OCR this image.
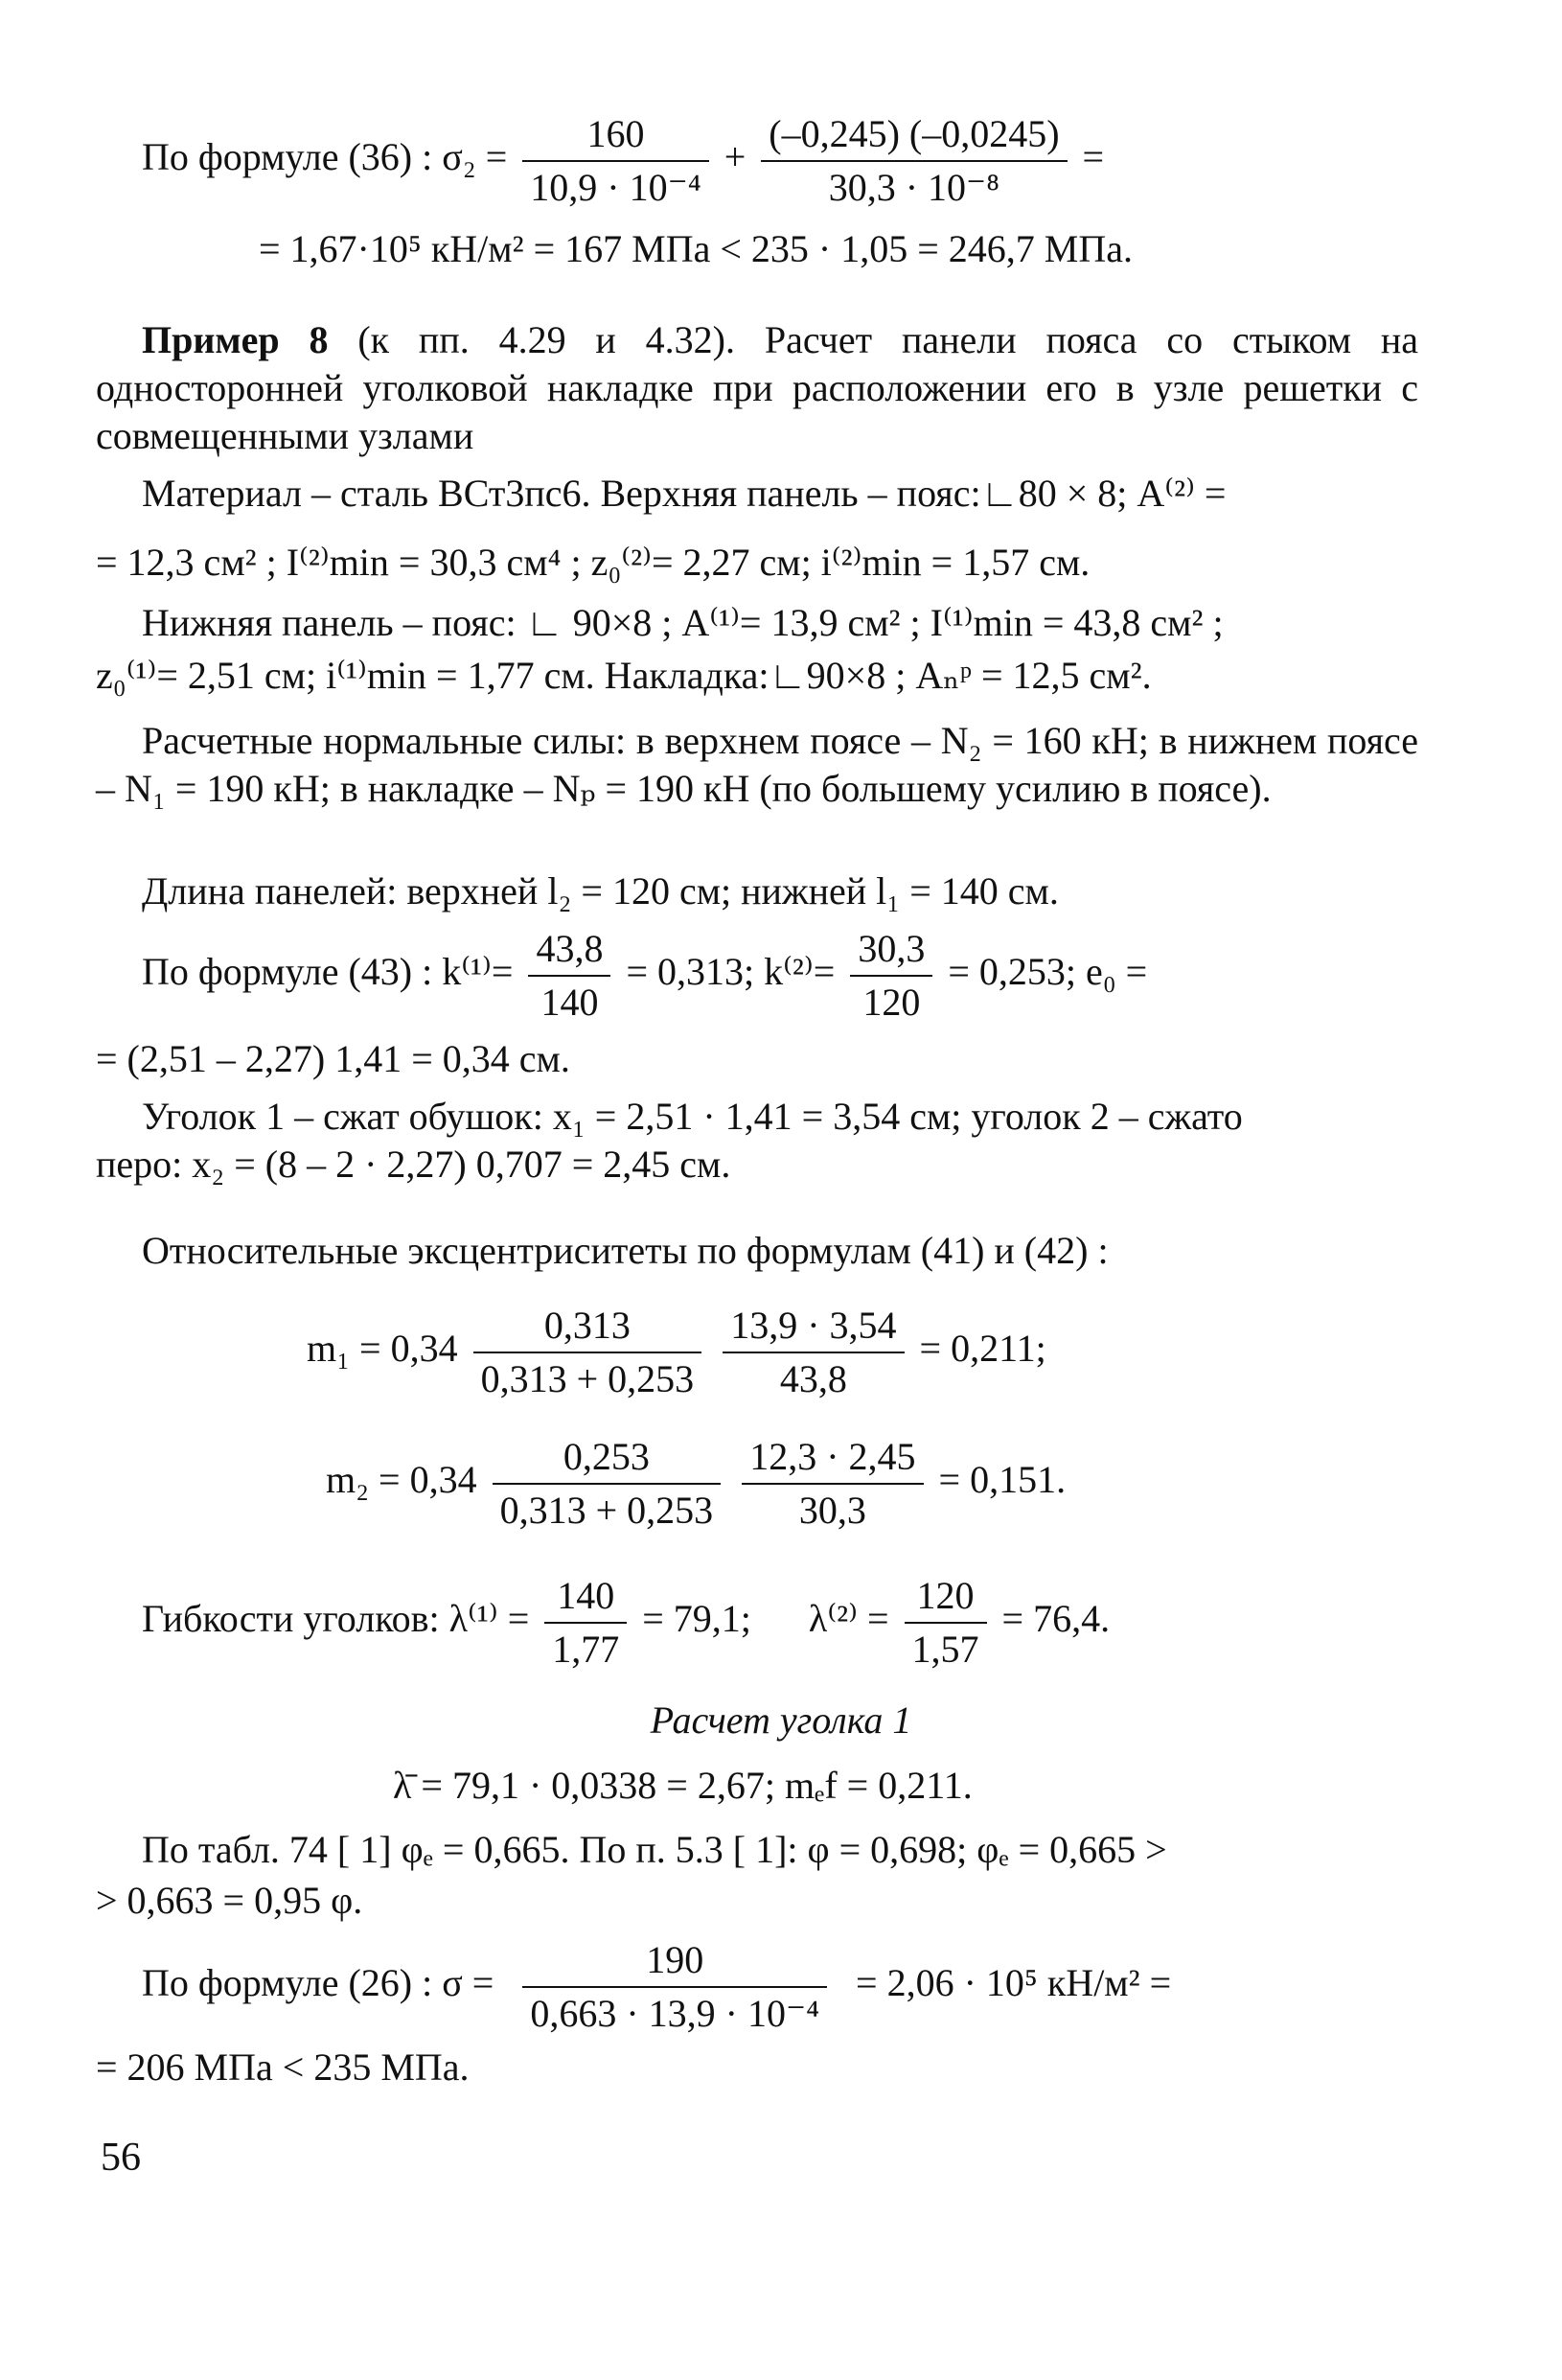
По формуле (36) : $\sigma_2 = \frac{160}{\text{10,9 · 10⁻⁴}} + \frac{(-0,245) (-0,0245)}{\text{30,3 · 10⁻⁸}}$ =
= 1,67·10⁵ кН/м² = 167 МПа < 235 · 1,05 = 246,7 МПа.
Пример 8 (к пп. 4.29 и 4.32). Расчет панели пояса со стыком на односторонней уголковой накладке при расположении его в узле решетки с совмещенными узлами
Материал – сталь ВСт3пс6. Верхняя панель – пояс:∟80 × 8; A⁽²⁾ =
= 12,3 см² ; I⁽²⁾min = 30,3 см⁴ ; z₀⁽²⁾= 2,27 см; i⁽²⁾min = 1,57 см.
Нижняя панель – пояс: ∟ 90×8 ; A⁽¹⁾= 13,9 см² ; I⁽¹⁾min = 43,8 см² ;
z₀⁽¹⁾= 2,51 см; i⁽¹⁾min = 1,77 см. Накладка:∟90×8 ; Aₙᵖ = 12,5 см².
Расчетные нормальные силы: в верхнем поясе – N₂ = 160 кН; в нижнем поясе – N₁ = 190 кН; в накладке – Nₚ = 190 кН (по большему усилию в поясе).
Длина панелей: верхней l₂ = 120 см; нижней l₁ = 140 см.
По формуле (43) : $k^{(1)}= \frac{43,8}{140} = 0,313$; $k^{(2)}= \frac{30,3}{120} = 0,253$; e₀ =
= (2,51 – 2,27) 1,41 = 0,34 см.
Уголок 1 – сжат обушок: x₁ = 2,51 · 1,41 = 3,54 см; уголок 2 – сжато
перо: x₂ = (8 – 2 · 2,27) 0,707 = 2,45 см.
Относительные эксцентриситеты по формулам (41) и (42) :
$m_1 = 0,34 \frac{0,313}{0,313 + 0,253}$
$\frac{13,9 \cdot 3,54}{43,8} = 0,211$;
$m_2 = 0,34 \frac{0,253}{0,313 + 0,253}$
$\frac{12,3 \cdot 2,45}{30,3} = 0,151$.
Гибкости уголков: $\lambda^{(1)} = \frac{140}{1,77} = 79,1$; $\lambda^{(2)} = \frac{120}{1,57} = 76,4$.
Расчет уголка 1
λ̄ = 79,1 · 0,0338 = 2,67; mₑf = 0,211.
По табл. 74 [ 1] φₑ = 0,665. По п. 5.3 [ 1]: φ = 0,698; φₑ = 0,665 >
> 0,663 = 0,95 φ.
По формуле (26) : $\sigma = \frac{190}{\text{0,663 · 13,9 · 10⁻⁴}} = 2,06 \cdot 10^5$ кН/м² =
= 206 МПа < 235 МПа.
56
